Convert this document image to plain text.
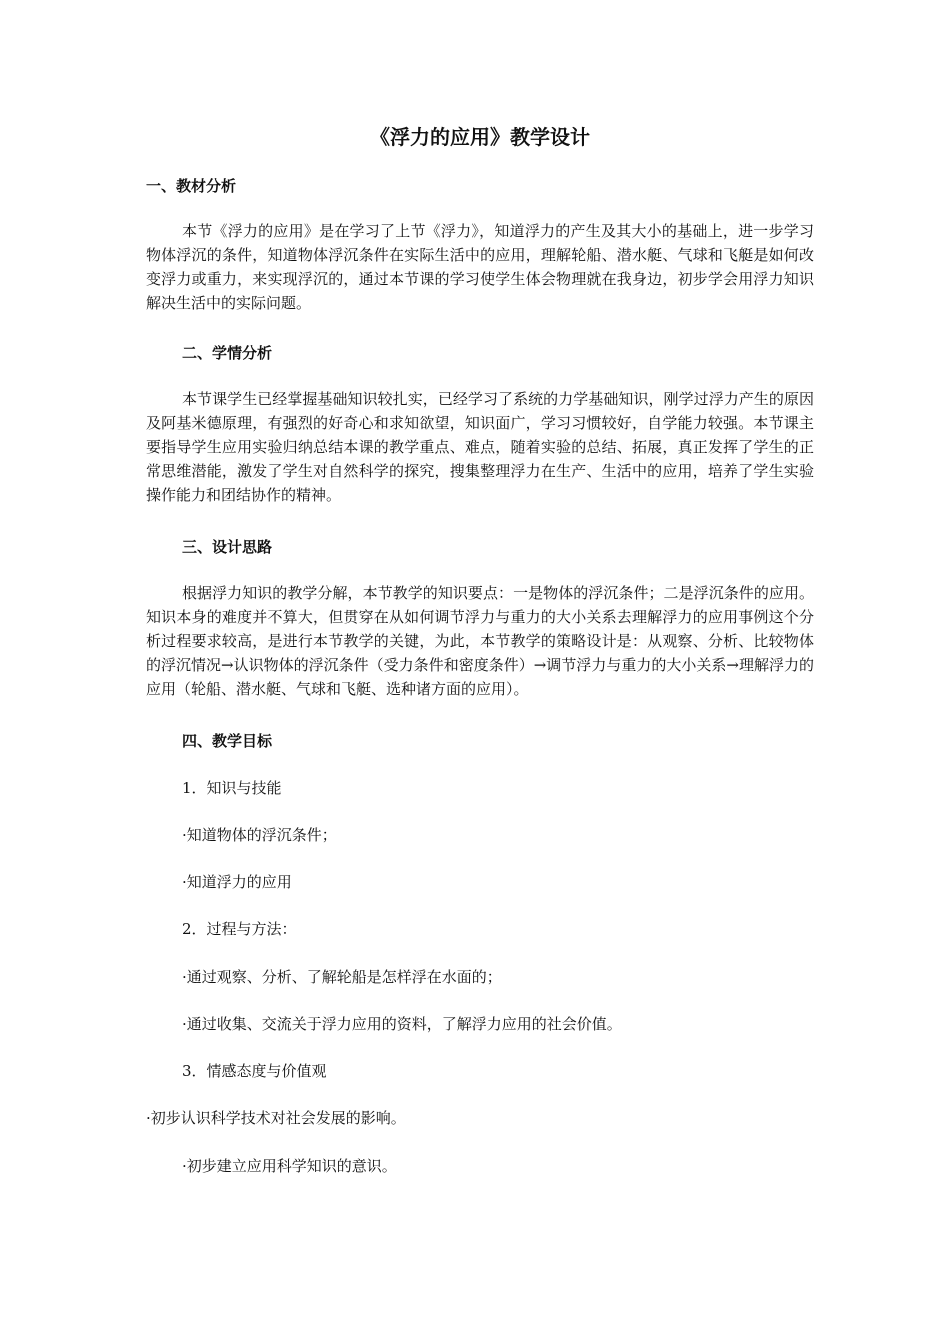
《浮力的应用》教学设计
一、教材分析

本节《浮力的应用》是在学习了上节《浮力》，知道浮力的产生及其大小的基础上，进一步学习物体浮沉的条件，知道物体浮沉条件在实际生活中的应用，理解轮船、潜水艇、气球和飞艇是如何改变浮力或重力，来实现浮沉的，通过本节课的学习使学生体会物理就在我身边，初步学会用浮力知识解决生活中的实际问题。

二、学情分析

本节课学生已经掌握基础知识较扎实，已经学习了系统的力学基础知识，刚学过浮力产生的原因及阿基米德原理，有强烈的好奇心和求知欲望，知识面广，学习习惯较好，自学能力较强。本节课主要指导学生应用实验归纳总结本课的教学重点、难点，随着实验的总结、拓展，真正发挥了学生的正常思维潜能，激发了学生对自然科学的探究，搜集整理浮力在生产、生活中的应用，培养了学生实验操作能力和团结协作的精神。

三、设计思路

根据浮力知识的教学分解，本节教学的知识要点：一是物体的浮沉条件；二是浮沉条件的应用。知识本身的难度并不算大，但贯穿在从如何调节浮力与重力的大小关系去理解浮力的应用事例这个分析过程要求较高，是进行本节教学的关键，为此，本节教学的策略设计是：从观察、分析、比较物体的浮沉情况→认识物体的浮沉条件（受力条件和密度条件）→调节浮力与重力的大小关系→理解浮力的应用（轮船、潜水艇、气球和飞艇、选种诸方面的应用）。

四、教学目标

1．知识与技能

·知道物体的浮沉条件；

·知道浮力的应用

2．过程与方法：

·通过观察、分析、了解轮船是怎样浮在水面的；

·通过收集、交流关于浮力应用的资料，了解浮力应用的社会价值。

3．情感态度与价值观

·初步认识科学技术对社会发展的影响。

·初步建立应用科学知识的意识。
